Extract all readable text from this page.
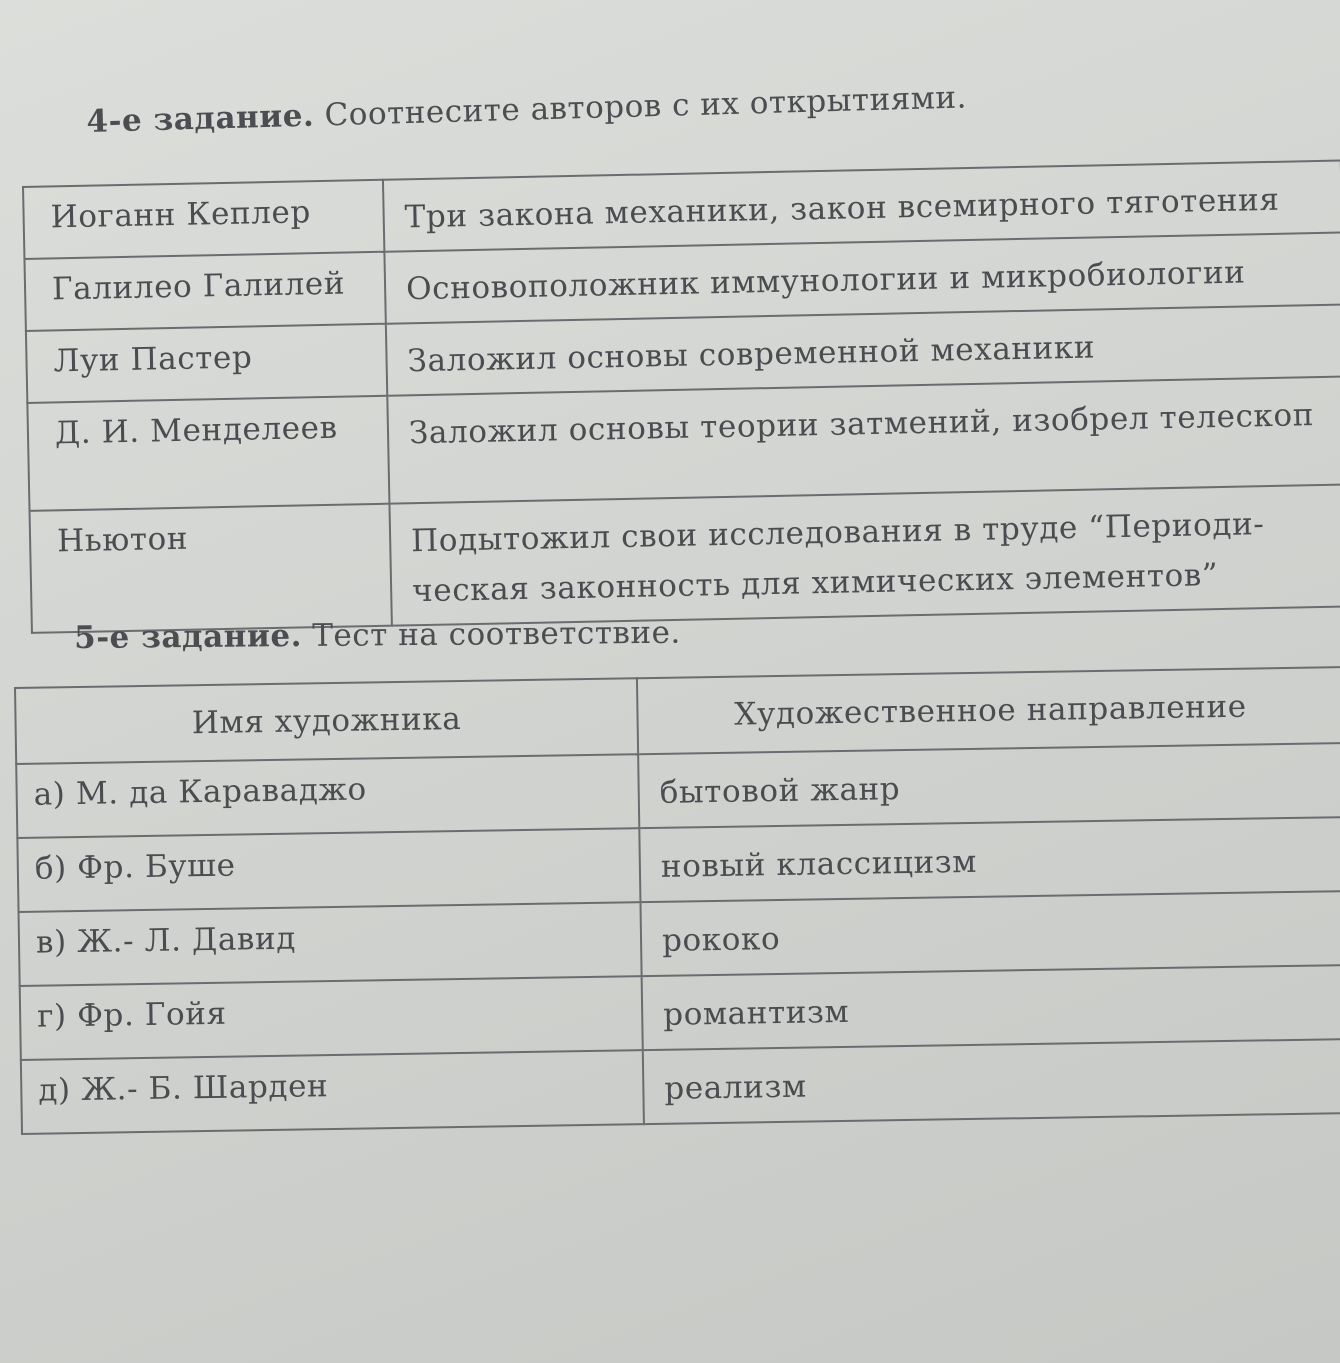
4-е задание. Соотнесите авторов с их открытиями.
Иоганн Кеплер	Три закона механики, закон всемирного тяготения
Галилео Галилей	Основоположник иммунологии и микробиологии
Луи Пастер	Заложил основы современной механики
Д. И. Менделеев	Заложил основы теории затмений, изобрел телескоп
Ньютон	Подытожил свои исследования в труде “Периоди-ческая законность для химических элементов”
5-е задание. Тест на соответствие.
Имя художника	Художественное направление
а) М. да Караваджо	бытовой жанр
б) Фр. Буше	новый классицизм
в) Ж.- Л. Давид	рококо
г) Фр. Гойя	романтизм
д) Ж.- Б. Шарден	реализм
